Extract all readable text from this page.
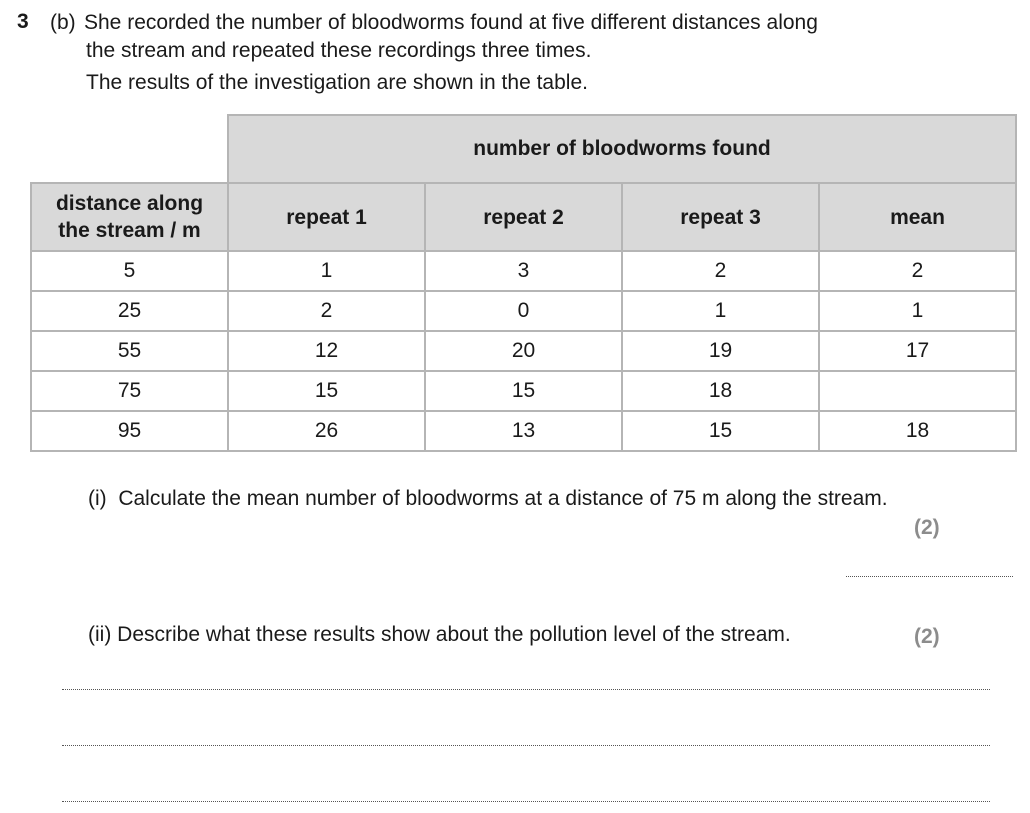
3 (b) She recorded the number of bloodworms found at five different distances along
the stream and repeated these recordings three times.
The results of the investigation are shown in the table.
	number of bloodworms found			
distance along
the stream / m	repeat 1	repeat 2	repeat 3	mean
5	1	3	2	2
25	2	0	1	1
55	12	20	19	17
75	15	15	18	
95	26	13	15	18
(i) Calculate the mean number of bloodworms at a distance of 75 m along the stream.
(2)
(ii) Describe what these results show about the pollution level of the stream.	(2)
